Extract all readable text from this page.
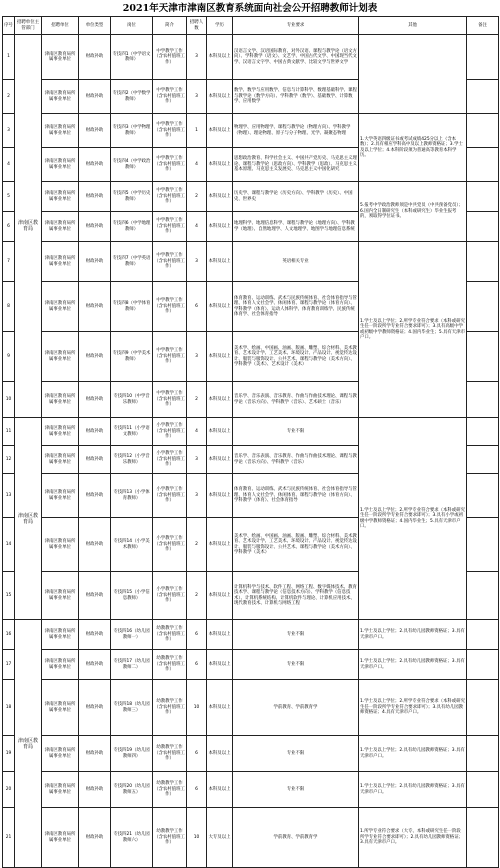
2021年天津市津南区教育系统面向社会公开招聘教师计划表
序号	招聘单位主管部门	招聘单位	单位类型	岗位	简介	招聘人数	学历	专业要求	其他	备注
1	津南区教育局	津南区教育局所属事业单位	财政补助	专技四1（中学语文教师）	中学教学工作（含农村值班工作）	3	本科及以上	汉语言文学、汉语国际教育、对外汉语、课程与教学论（语文方向）、学科教学（语文）、文艺学、中国古代文学、中国现当代文学、汉语言文字学、中国古典文献学、比较文学与世界文学		
2		津南区教育局所属事业单位	财政补助	专技四2（中学数学教师）	中学教学工作（含农村值班工作）	3	本科及以上	数学、数学与应用数学、信息与计算科学、数理基础科学、课程与教学论（数学方向）、学科教学（数学）、基础数学、计算数学、应用数学		
3		津南区教育局所属事业单位	财政补助	专技四3（中学物理教师）	中学教学工作（含农村值班工作）	1	本科及以上	物理学、应用物理学、课程与教学论（物理方向）、学科教学（物理）、理论物理、原子与分子物理、光学、凝聚态物理	1.大学英语四级证书或考试成绩425分以上（含本数）；2.具有相应学科高中及以上教师资格证；3.学士及以上学位；4.本科阶段须为普通高等教育本科学历。	
4		津南区教育局所属事业单位	财政补助	专技四4（中学政治教师）	中学教学工作（含农村值班工作）	4	本科及以上	思想政治教育、科学社会主义、中国共产党历史、马克思主义理论、课程与教学论（思政方向）、学科教学（思政）、马克思主义基本原理、马克思主义发展史、马克思主义中国化研究		
5		津南区教育局所属事业单位	财政补助	专技四5（中学历史教师）	中学教学工作（含农村值班工作）	2	本科及以上	历史学、课程与教学论（历史方向）、学科教学（历史）、中国史、世界史	5.报考中学政治教师须是中共党员（中共预备党员）；6.国内全日制研究生（本科或研究生）毕业生报考的，须取得学位证书。	
6		津南区教育局所属事业单位	财政补助	专技四6（中学地理教师）	中学教学工作（含农村值班工作）	4	本科及以上	地理科学、地理信息科学、课程与教学论（地理方向）、学科教学（地理）、自然地理学、人文地理学、地图学与地理信息系统		
7		津南区教育局所属事业单位	财政补助	专技四7（中学英语教师）	中学教学工作（含农村值班工作）	3	本科及以上	英语相关专业	1.学士及以上学位；2.所学专业符合要求（本科或研究生任一阶段所学专业符合要求即可）；3.具有高级中学或初级中学教师资格证；4.国内毕业生；5.具有天津市户口。	
8		津南区教育局所属事业单位	财政补助	专技四8（中学体育教师）	中学教学工作（含农村值班工作）	6	本科及以上	体育教育、运动训练、武术与民族传统体育、社会体育指导与管理、体育人文社会学、休闲体育、课程与教学论（体育方向）、学科教学（体育）、运动人体科学、体育教育训练学、民族传统体育学、社会体育指导		
9		津南区教育局所属事业单位	财政补助	专技四9（中学美术教师）	中学教学工作（含农村值班工作）	3	本科及以上	美术学、绘画、中国画、油画、版画、雕塑、综合材料、美术教育、艺术设计学、工艺美术、环境设计、产品设计、视觉传达设计、服装与服饰设计、公共艺术、课程与教学论（美术方向）、学科教学（美术）、艺术设计（美术）		
10		津南区教育局所属事业单位	财政补助	专技四10（中学音乐教师）	中学教学工作（含农村值班工作）	2	本科及以上	音乐学、音乐表演、音乐教育、作曲与作曲技术理论、课程与教学论（音乐方向）、学科教学（音乐）、艺术硕士（音乐）		
11	津南区教育局	津南区教育局所属事业单位	财政补助	专技四11（小学语文教师）	小学教学工作（含农村值班工作）	4	本科及以上	专业不限	1.学士及以上学位；2.所学专业符合要求（本科或研究生任一阶段所学专业符合要求即可）；3.具有小学或初级中学教师资格证；4.国内毕业生；5.具有天津市户口。	
12		津南区教育局所属事业单位	财政补助	专技四12（小学音乐教师）	小学教学工作（含农村值班工作）	3	本科及以上	音乐学、音乐表演、音乐教育、作曲与作曲技术理论、课程与教学论（音乐方向）、学科教学（音乐）		
13		津南区教育局所属事业单位	财政补助	专技四13（小学体育教师）	小学教学工作（含农村值班工作）	3	本科及以上	体育教育、运动训练、武术与民族传统体育、社会体育指导与管理、体育人文社会学、休闲体育、课程与教学论（体育方向）、学科教学（体育）、社会体育指导		
14		津南区教育局所属事业单位	财政补助	专技四14（小学美术教师）	小学教学工作（含农村值班工作）	2	本科及以上	美术学、绘画、中国画、油画、版画、雕塑、综合材料、美术教育、艺术设计学、工艺美术、环境设计、产品设计、视觉传达设计、服装与服饰设计、公共艺术、课程与教学论（美术方向）、学科教学（美术）		
15		津南区教育局所属事业单位	财政补助	专技四15（小学信息教师）	小学教学工作（含农村值班工作）	2	本科及以上	计算机科学与技术、软件工程、网络工程、数字媒体技术、教育技术学、课程与教学论（信息技术方向）、学科教学（信息技术）、计算机系统结构、计算机软件与理论、计算机应用技术、现代教育技术、计算机与网络工程		
16	津南区教育局	津南区教育局所属事业单位	财政补助	专技四16（幼儿园教师一）	幼教教学工作（含农村值班工作）	6	本科及以上	专业不限	1.学士及以上学位；2.具有幼儿园教师资格证；3.具有天津市户口。	
17		津南区教育局所属事业单位	财政补助	专技四17（幼儿园教师二）	幼教教学工作（含农村值班工作）	6	本科及以上	专业不限	1.学士及以上学位；2.具有幼儿园教师资格证；3.具有天津市户口。	
18		津南区教育局所属事业单位	财政补助	专技四18（幼儿园教师三）	幼教教学工作（含农村值班工作）	10	本科及以上	学前教育、学前教育学	1.学士及以上学位；2.所学专业符合要求（本科或研究生任一阶段所学专业符合要求即可）；3.具有幼儿园教师资格证；4.具有天津市户口。	
19		津南区教育局所属事业单位	财政补助	专技四19（幼儿园教师四）	幼教教学工作（含农村值班工作）	6	本科及以上	专业不限	1.学士及以上学位；2.具有幼儿园教师资格证；3.具有天津市户口。	
20		津南区教育局所属事业单位	财政补助	专技四20（幼儿园教师五）	幼教教学工作（含农村值班工作）	6	本科及以上	专业不限	1.学士及以上学位；2.具有幼儿园教师资格证；3.具有天津市户口。	
21		津南区教育局所属事业单位	财政补助	专技四21（幼儿园教师六）	幼教教学工作（含农村值班工作）	10	大专及以上	学前教育、学前教育学	1.所学专业符合要求（大专、本科或研究生任一阶段所学专业符合要求即可）；2.具有幼儿园教师资格证；3.具有天津市户口。	
